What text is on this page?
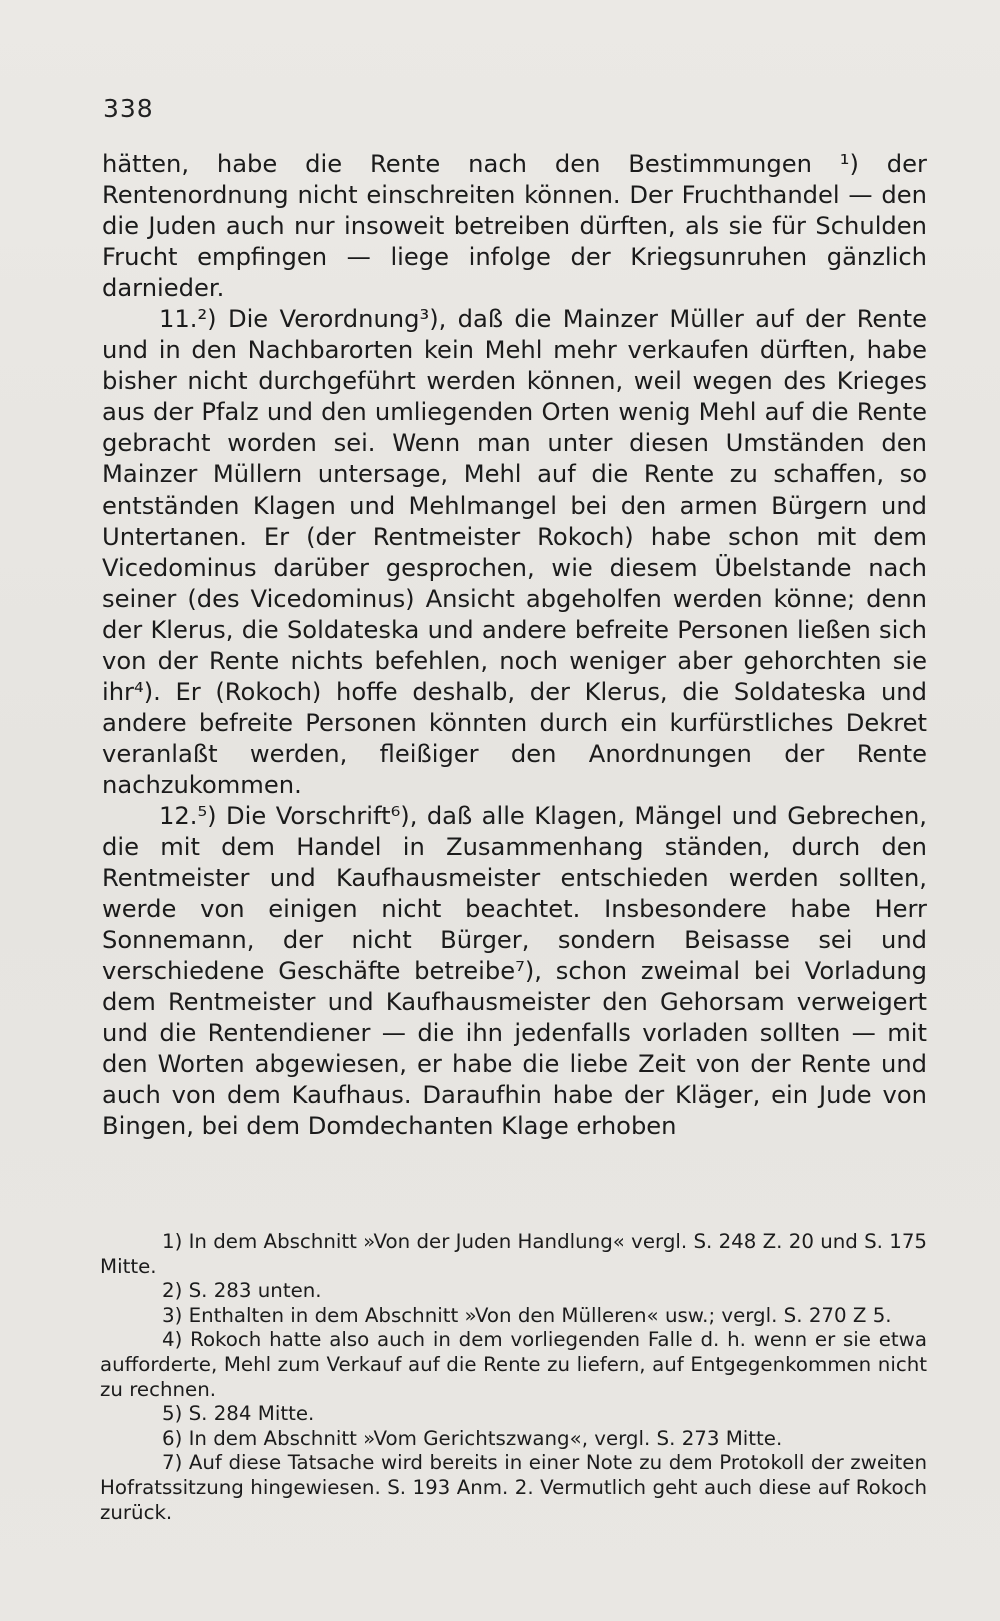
338

hätten, habe die Rente nach den Bestimmungen ¹) der Rentenordnung nicht einschreiten können. Der Fruchthandel — den die Juden auch nur insoweit betreiben dürften, als sie für Schulden Frucht empfingen — liege infolge der Kriegsunruhen gänzlich darnieder.

11.²) Die Verordnung³), daß die Mainzer Müller auf der Rente und in den Nachbarorten kein Mehl mehr verkaufen dürften, habe bisher nicht durchgeführt werden können, weil wegen des Krieges aus der Pfalz und den umliegenden Orten wenig Mehl auf die Rente gebracht worden sei. Wenn man unter diesen Umständen den Mainzer Müllern untersage, Mehl auf die Rente zu schaffen, so entständen Klagen und Mehlmangel bei den armen Bürgern und Untertanen. Er (der Rentmeister Rokoch) habe schon mit dem Vicedominus darüber gesprochen, wie diesem Übelstande nach seiner (des Vicedominus) Ansicht abgeholfen werden könne; denn der Klerus, die Soldateska und andere befreite Personen ließen sich von der Rente nichts befehlen, noch weniger aber gehorchten sie ihr⁴). Er (Rokoch) hoffe deshalb, der Klerus, die Soldateska und andere befreite Personen könnten durch ein kurfürstliches Dekret veranlaßt werden, fleißiger den Anordnungen der Rente nachzukommen.

12.⁵) Die Vorschrift⁶), daß alle Klagen, Mängel und Gebrechen, die mit dem Handel in Zusammenhang ständen, durch den Rentmeister und Kaufhausmeister entschieden werden sollten, werde von einigen nicht beachtet. Insbesondere habe Herr Sonnemann, der nicht Bürger, sondern Beisasse sei und verschiedene Geschäfte betreibe⁷), schon zweimal bei Vorladung dem Rentmeister und Kaufhausmeister den Gehorsam verweigert und die Rentendiener — die ihn jedenfalls vorladen sollten — mit den Worten abgewiesen, er habe die liebe Zeit von der Rente und auch von dem Kaufhaus. Daraufhin habe der Kläger, ein Jude von Bingen, bei dem Domdechanten Klage erhoben

1) In dem Abschnitt »Von der Juden Handlung« vergl. S. 248 Z. 20 und S. 175 Mitte.

2) S. 283 unten.

3) Enthalten in dem Abschnitt »Von den Mülleren« usw.; vergl. S. 270 Z 5.

4) Rokoch hatte also auch in dem vorliegenden Falle d. h. wenn er sie etwa aufforderte, Mehl zum Verkauf auf die Rente zu liefern, auf Entgegenkommen nicht zu rechnen.

5) S. 284 Mitte.

6) In dem Abschnitt »Vom Gerichtszwang«, vergl. S. 273 Mitte.

7) Auf diese Tatsache wird bereits in einer Note zu dem Protokoll der zweiten Hofratssitzung hingewiesen. S. 193 Anm. 2. Vermutlich geht auch diese auf Rokoch zurück.
